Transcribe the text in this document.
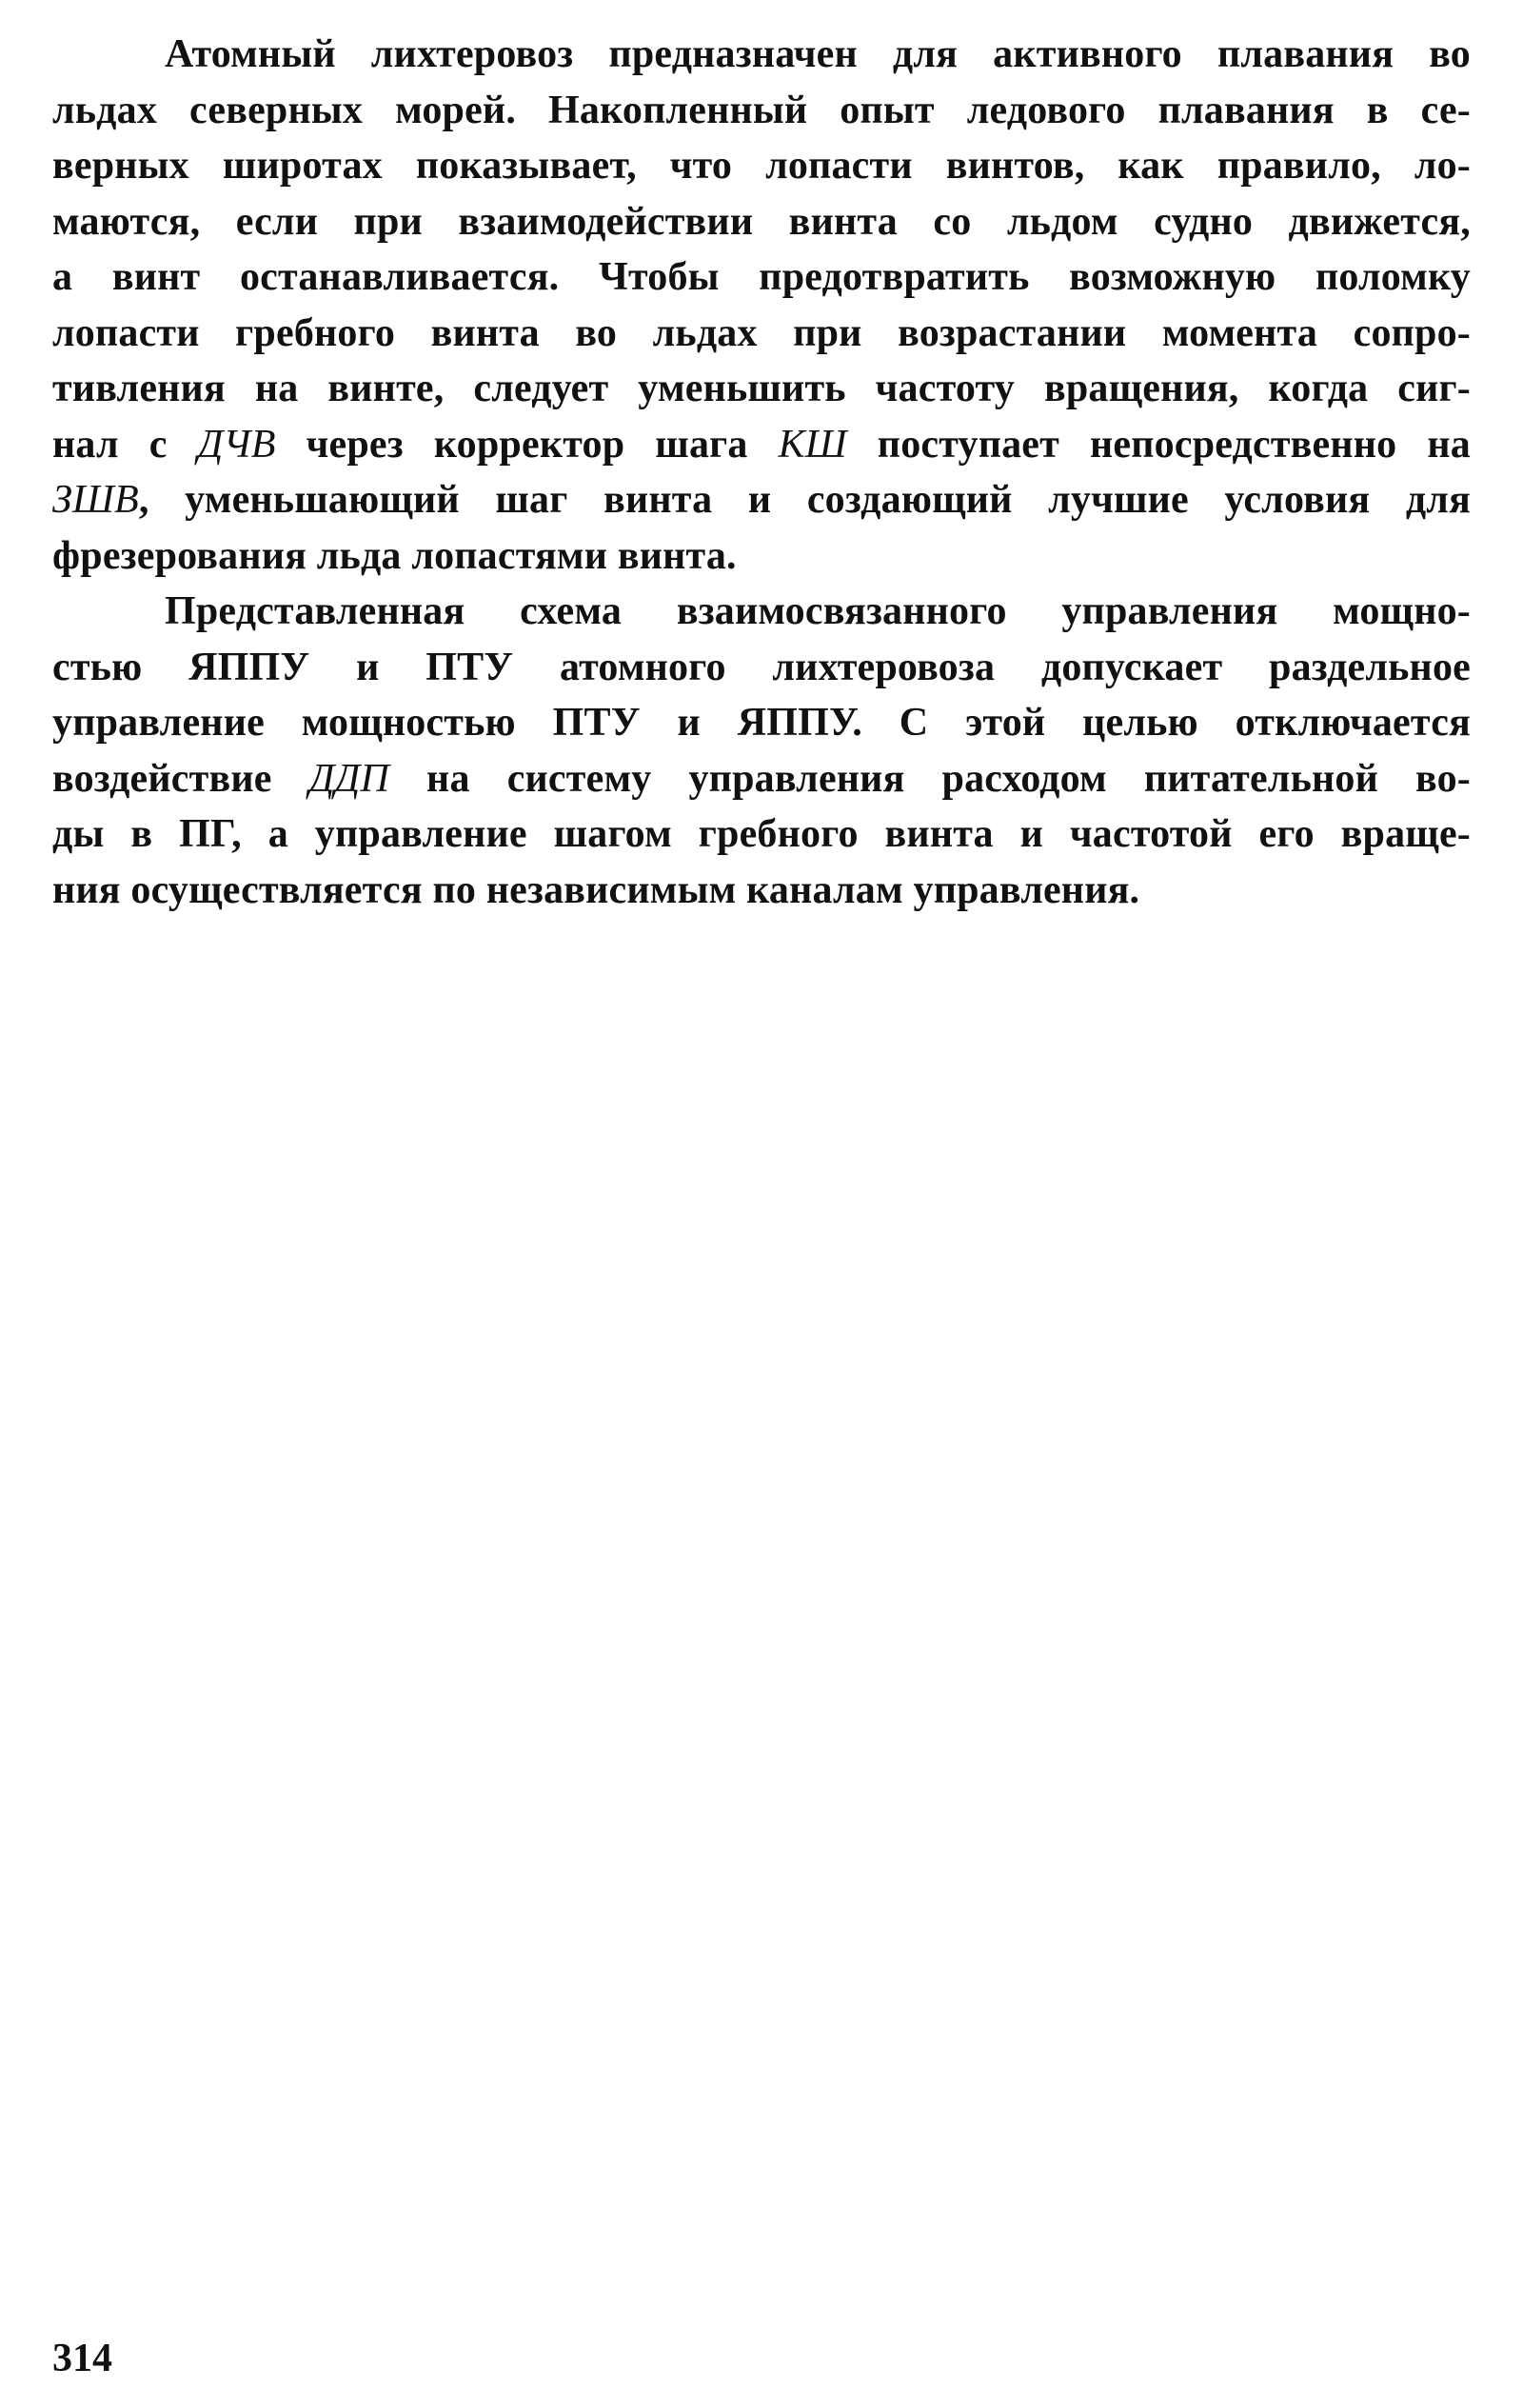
Атомный лихтеровоз предназначен для активного плавания во
льдах северных морей. Накопленный опыт ледового плавания в се-
верных широтах показывает, что лопасти винтов, как правило, ло-
маются, если при взаимодействии винта со льдом судно движется,
а винт останавливается. Чтобы предотвратить возможную поломку
лопасти гребного винта во льдах при возрастании момента сопро-
тивления на винте, следует уменьшить частоту вращения, когда сиг-
нал с ДЧВ через корректор шага КШ поступает непосредственно на
ЗШВ, уменьшающий шаг винта и создающий лучшие условия для
фрезерования льда лопастями винта.
Представленная схема взаимосвязанного управления мощно-
стью ЯППУ и ПТУ атомного лихтеровоза допускает раздельное
управление мощностью ПТУ и ЯППУ. С этой целью отключается
воздействие ДДП на систему управления расходом питательной во-
ды в ПГ, а управление шагом гребного винта и частотой его враще-
ния осуществляется по независимым каналам управления.
314
